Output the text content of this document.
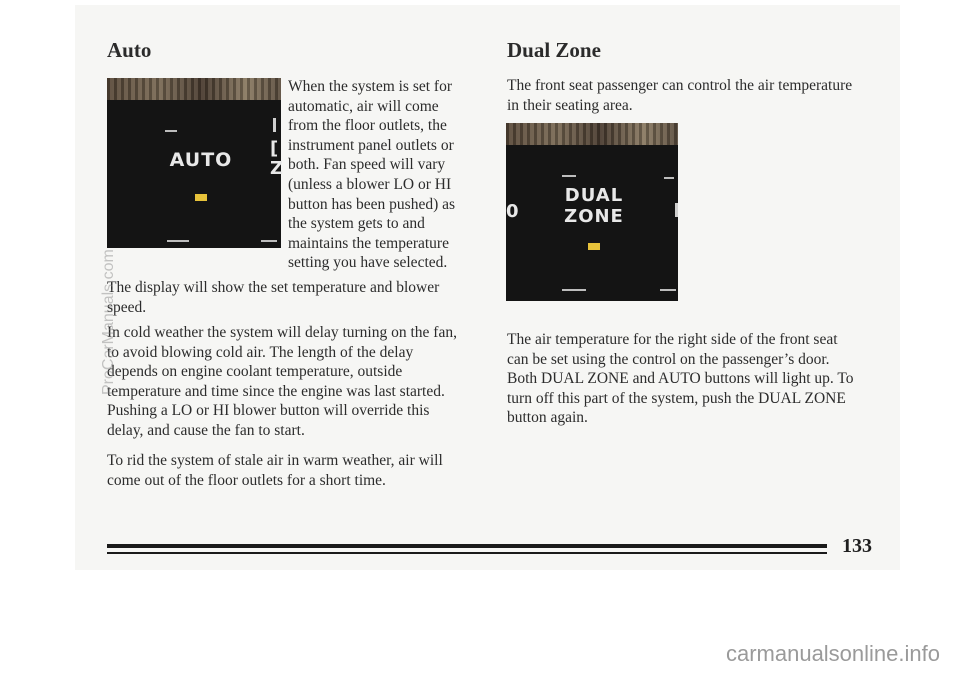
Auto
AUTO
[
Z
When the system is set for
automatic, air will come
from the floor outlets, the
instrument panel outlets or
both. Fan speed will vary
(unless a blower LO or HI
button has been pushed) as
the system gets to and
maintains the temperature
setting you have selected.
The display will show the set temperature and blower
speed.
In cold weather the system will delay turning on the fan,
to avoid blowing cold air. The length of the delay
depends on engine coolant temperature, outside
temperature and time since the engine was last started.
Pushing a LO or HI blower button will override this
delay, and cause the fan to start.
To rid the system of stale air in warm weather, air will
come out of the floor outlets for a short time.
Dual Zone
The front seat passenger can control the air temperature
in their seating area.
DUAL
ZONE
0
The air temperature for the right side of the front seat
can be set using the control on the passenger’s door.
Both DUAL ZONE and AUTO buttons will light up. To
turn off this part of the system, push the DUAL ZONE
button again.
133
ProCarManuals.com
carmanualsonline.info
